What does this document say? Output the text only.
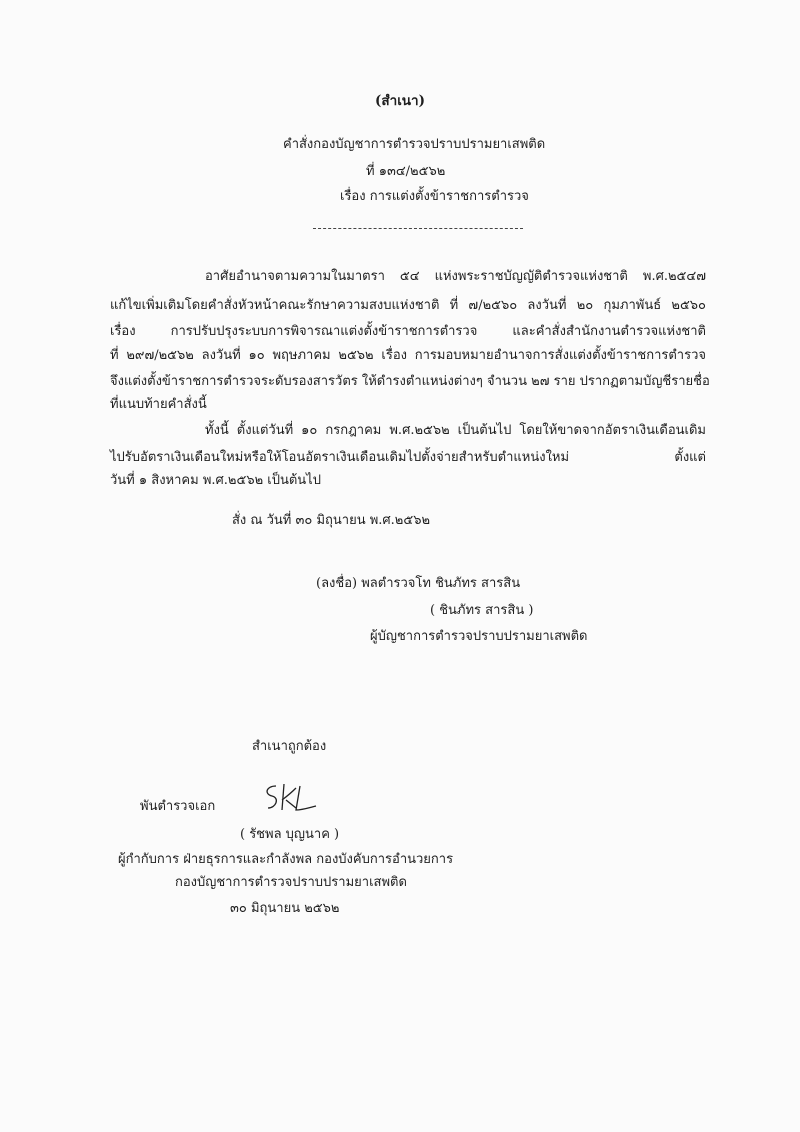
(สำเนา)
คำสั่งกองบัญชาการตำรวจปราบปรามยาเสพติด
ที่ ๑๓๔/๒๕๖๒
เรื่อง การแต่งตั้งข้าราชการตำรวจ
อาศัยอำนาจตามความในมาตรา ๕๔ แห่งพระราชบัญญัติตำรวจแห่งชาติ พ.ศ.๒๕๔๗
แก้ไขเพิ่มเติมโดยคำสั่งหัวหน้าคณะรักษาความสงบแห่งชาติ ที่ ๗/๒๕๖๐ ลงวันที่ ๒๐ กุมภาพันธ์ ๒๕๖๐
เรื่อง การปรับปรุงระบบการพิจารณาแต่งตั้งข้าราชการตำรวจ และคำสั่งสำนักงานตำรวจแห่งชาติ
ที่ ๒๙๗/๒๕๖๒ ลงวันที่ ๑๐ พฤษภาคม ๒๕๖๒ เรื่อง การมอบหมายอำนาจการสั่งแต่งตั้งข้าราชการตำรวจ
จึงแต่งตั้งข้าราชการตำรวจระดับรองสารวัตร ให้ดำรงตำแหน่งต่างๆ จำนวน ๒๗ ราย ปรากฏตามบัญชีรายชื่อ
ที่แนบท้ายคำสั่งนี้
ทั้งนี้ ตั้งแต่วันที่ ๑๐ กรกฎาคม พ.ศ.๒๕๖๒ เป็นต้นไป โดยให้ขาดจากอัตราเงินเดือนเดิม
ไปรับอัตราเงินเดือนใหม่หรือให้โอนอัตราเงินเดือนเดิมไปตั้งจ่ายสำหรับตำแหน่งใหม่ ตั้งแต่
วันที่ ๑ สิงหาคม พ.ศ.๒๕๖๒ เป็นต้นไป
สั่ง ณ วันที่ ๓๐ มิถุนายน พ.ศ.๒๕๖๒
(ลงชื่อ) พลตำรวจโท ชินภัทร สารสิน
( ชินภัทร สารสิน )
ผู้บัญชาการตำรวจปราบปรามยาเสพติด
สำเนาถูกต้อง
พันตำรวจเอก
( รัชพล บุญนาค )
ผู้กำกับการ ฝ่ายธุรการและกำลังพล กองบังคับการอำนวยการ
กองบัญชาการตำรวจปราบปรามยาเสพติด
๓๐ มิถุนายน ๒๕๖๒
